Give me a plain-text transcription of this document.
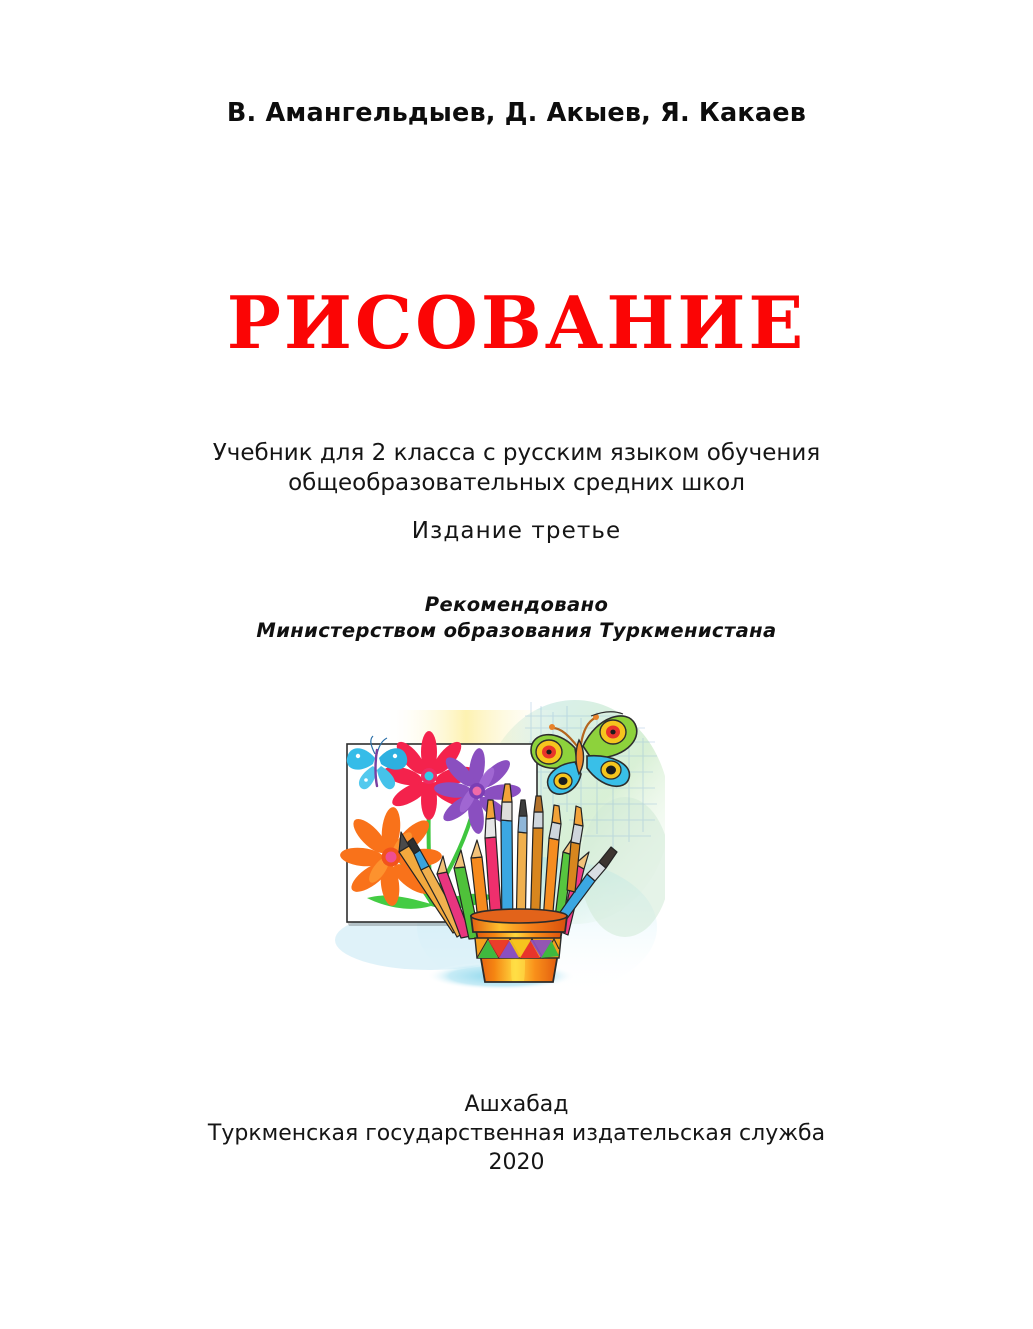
В. Амангельдыев, Д. Акыев, Я. Какаев
РИСОВАНИЕ
Учебник для 2 класса с русским языком обучения
общеобразовательных средних школ
Издание третье
Рекомендовано
Министерством образования Туркменистана
Ашхабад
Туркменская государственная издательская служба
2020
